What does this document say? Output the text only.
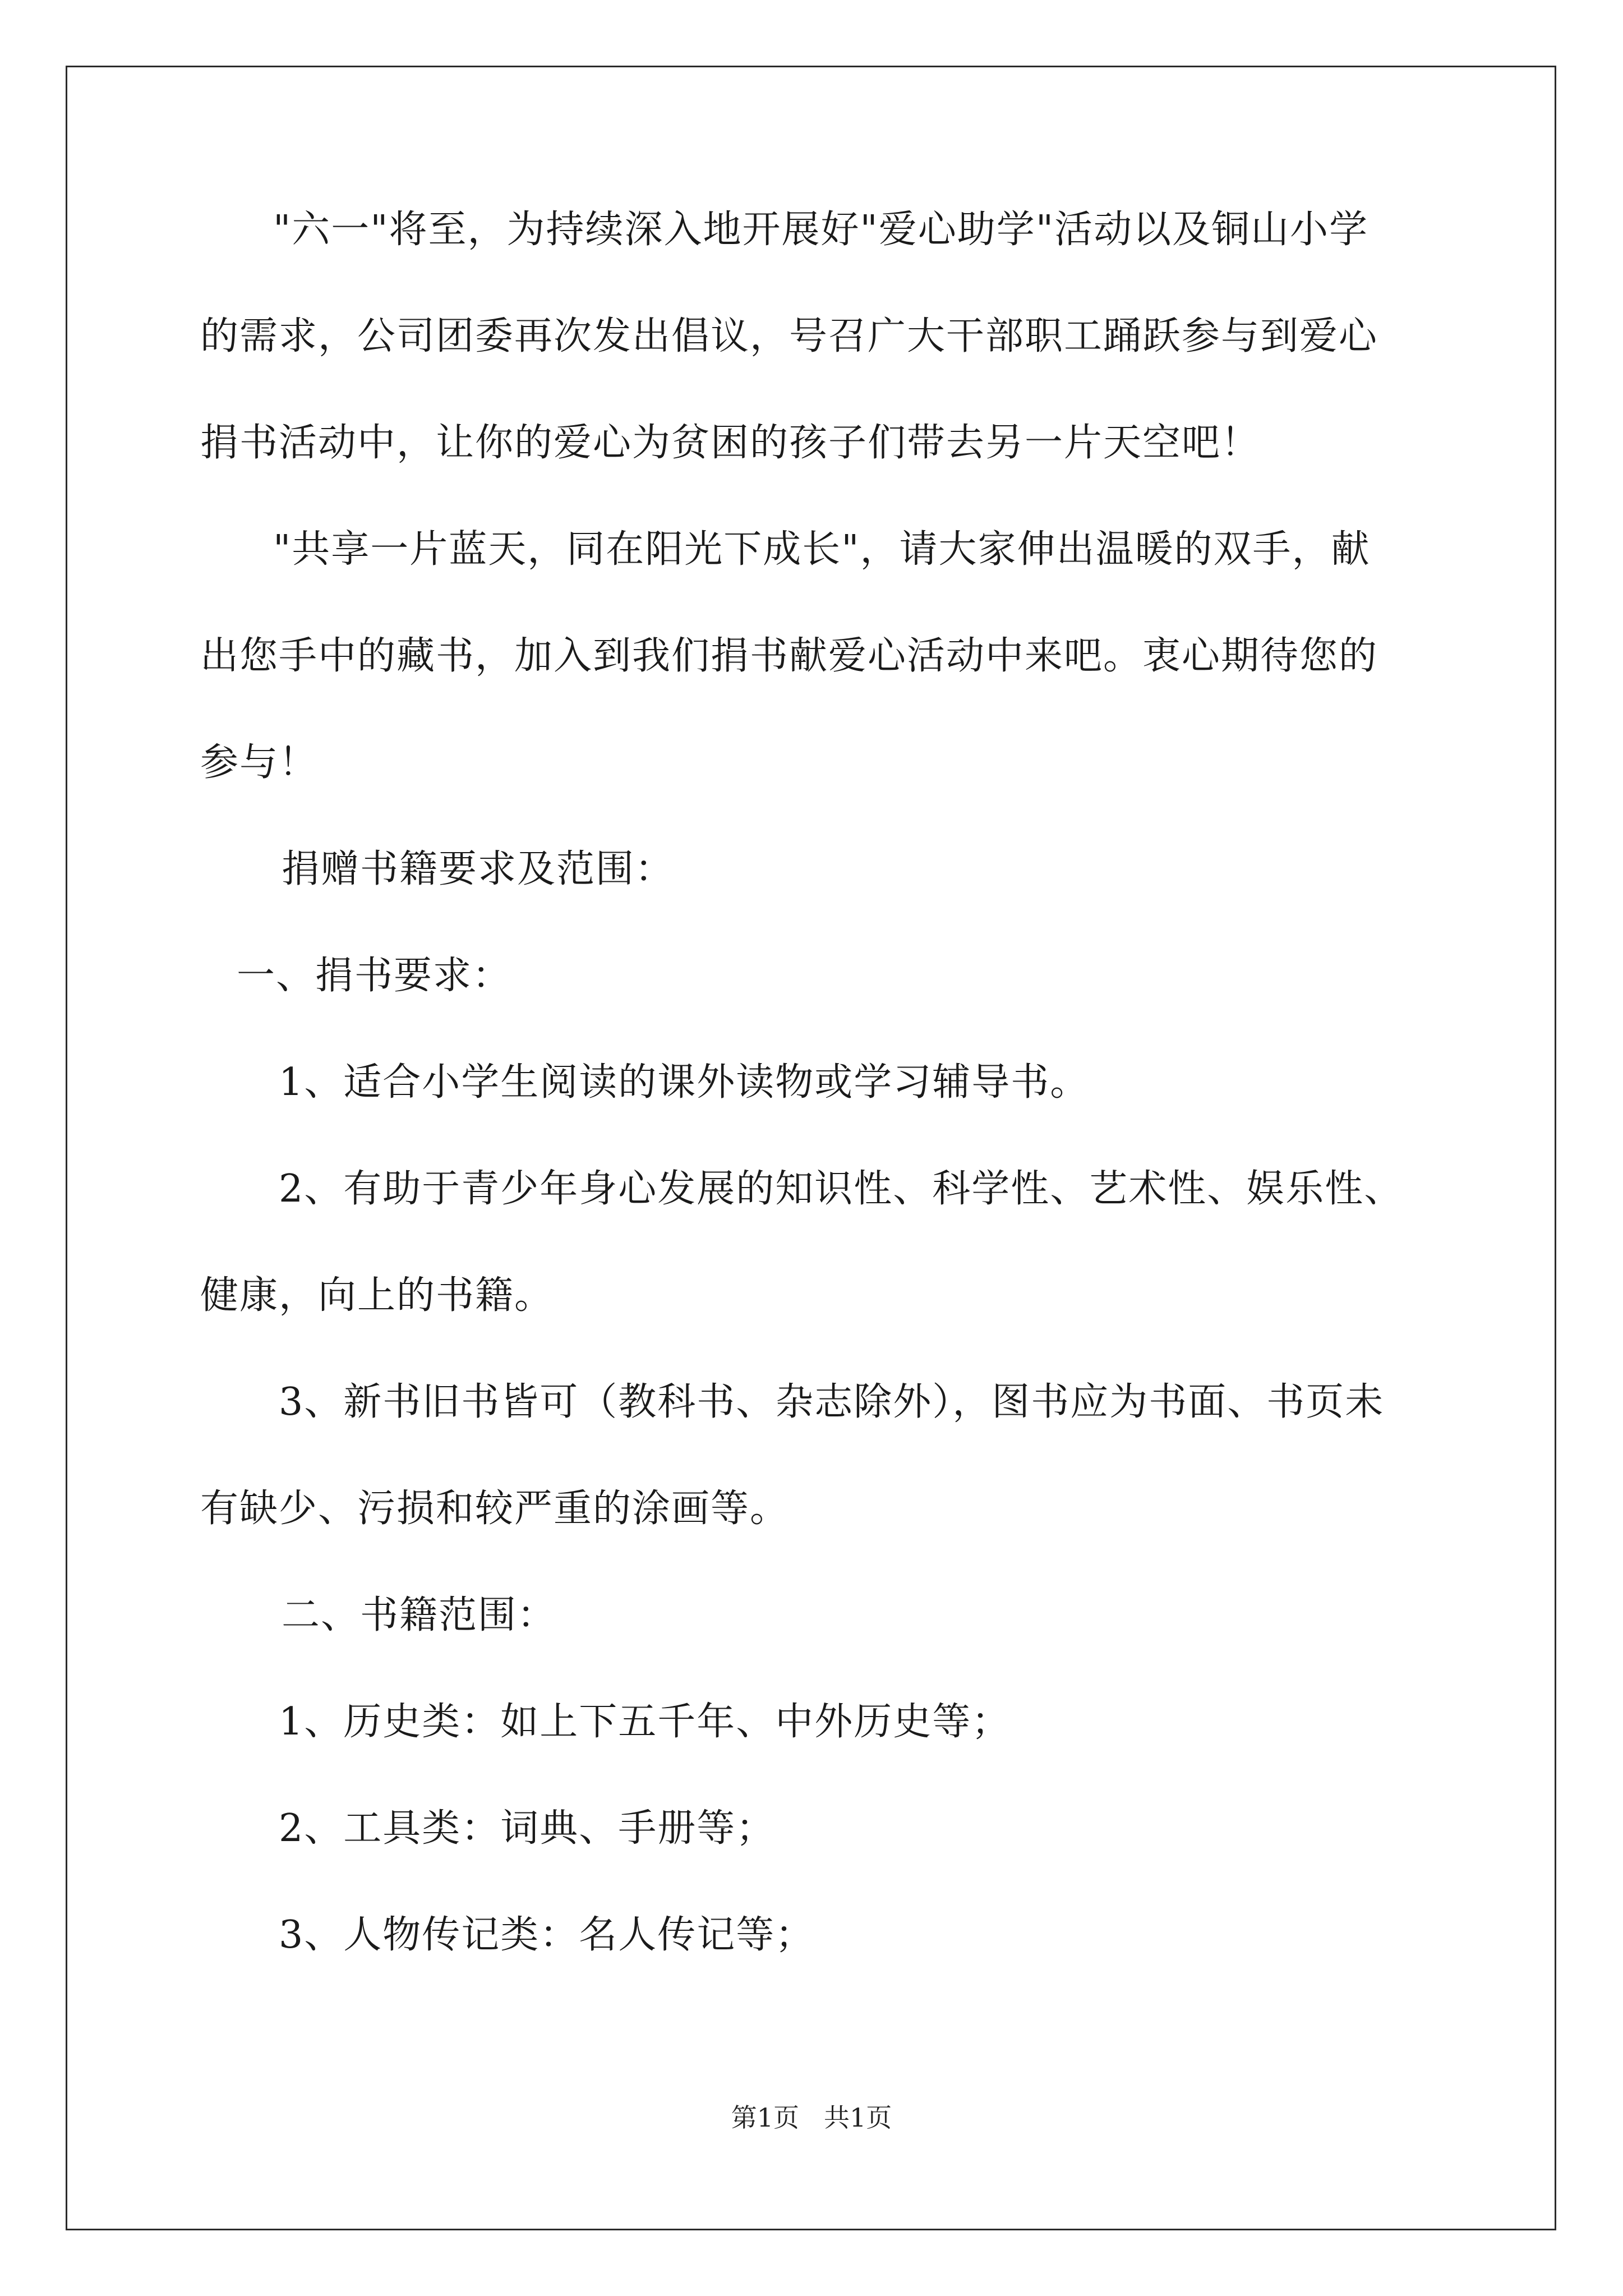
"六一"将至，为持续深入地开展好"爱心助学"活动以及铜山小学
的需求，公司团委再次发出倡议，号召广大干部职工踊跃参与到爱心
捐书活动中，让你的爱心为贫困的孩子们带去另一片天空吧！
"共享一片蓝天，同在阳光下成长"，请大家伸出温暖的双手，献
出您手中的藏书，加入到我们捐书献爱心活动中来吧。衷心期待您的
参与！
捐赠书籍要求及范围：
一、捐书要求：
1、适合小学生阅读的课外读物或学习辅导书。
2、有助于青少年身心发展的知识性、科学性、艺术性、娱乐性、
健康，向上的书籍。
3、新书旧书皆可（教科书、杂志除外），图书应为书面、书页未
有缺少、污损和较严重的涂画等。
二、书籍范围：
1、历史类：如上下五千年、中外历史等；
2、工具类：词典、手册等；
3、人物传记类：名人传记等；
第1页 共1页
